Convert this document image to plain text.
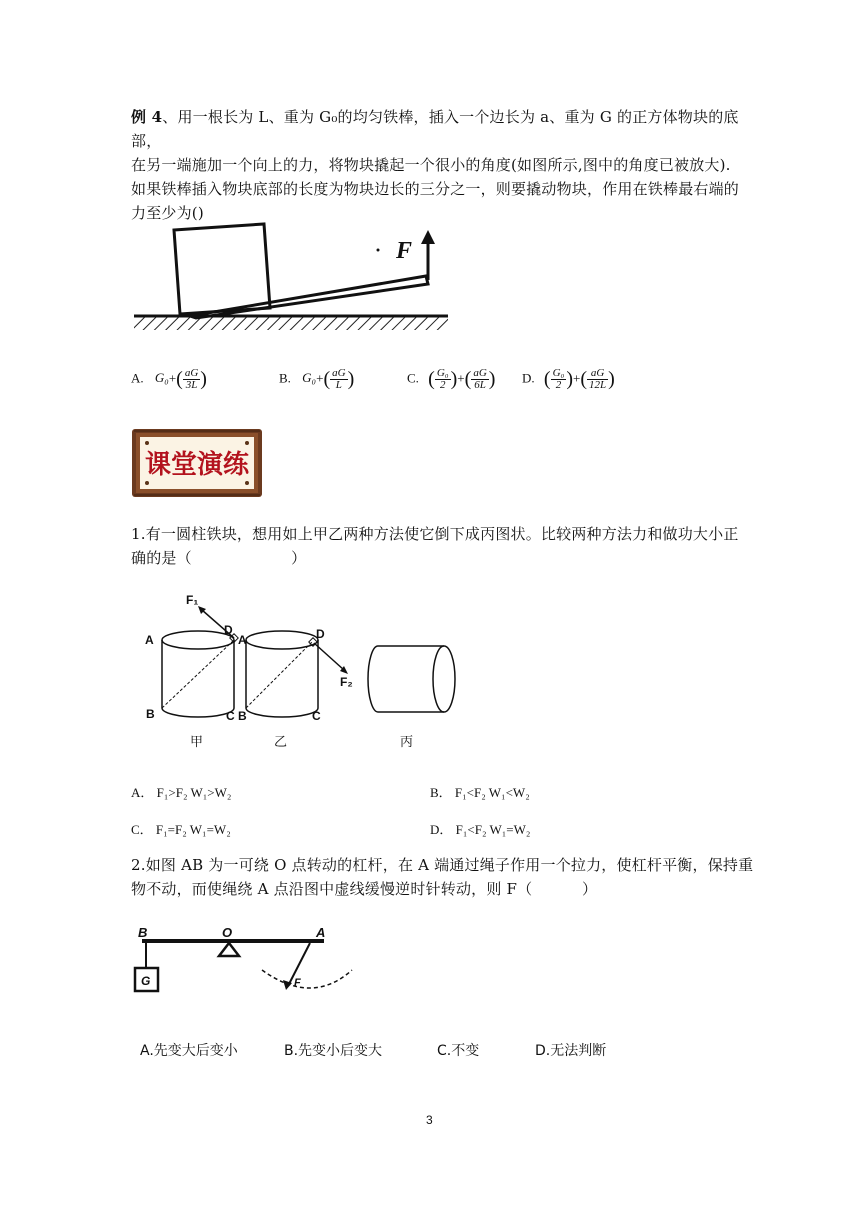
例 4、用一根长为 L、重为 G₀的均匀铁棒，插入一个边长为 a、重为 G 的正方体物块的底部，
在另一端施加一个向上的力，将物块撬起一个很小的角度(如图所示,图中的角度已被放大).
如果铁棒插入物块底部的长度为物块边长的三分之一，则要撬动物块，作用在铁棒最右端的
力至少为()
F
A. $G_0+( \frac{aG}{3L}$ )	B. $G_0+( \frac{aG}{L}$ )	C. ( $\frac{\text{G₀}}{2}$ )+( $\frac{aG}{6L}$ ) D. ( $\frac{\text{G₀}}{2}$ )+( $\frac{aG}{12L}$ )
课堂演练
1.有一圆柱铁块，想用如上甲乙两种方法使它倒下成丙图状。比较两种方法力和做功大小正
确的是（                    ）
F₁
A
D
B	C
甲
F₂
A	D
B	C
乙	丙
A． F₁>F₂ W₁>W₂	B． F₁<F₂ W₁<W₂
C． F₁=F₂ W₁=W₂	D． F₁<F₂ W₁=W₂
2.如图 AB 为一可绕 O 点转动的杠杆，在 A 端通过绳子作用一个拉力，使杠杆平衡，保持重
物不动，而使绳绕 A 点沿图中虚线缓慢逆时针转动，则 F（          ）
G
B	O	A
F
A.先变大后变小	B.先变小后变大	C.不变	D.无法判断
3
